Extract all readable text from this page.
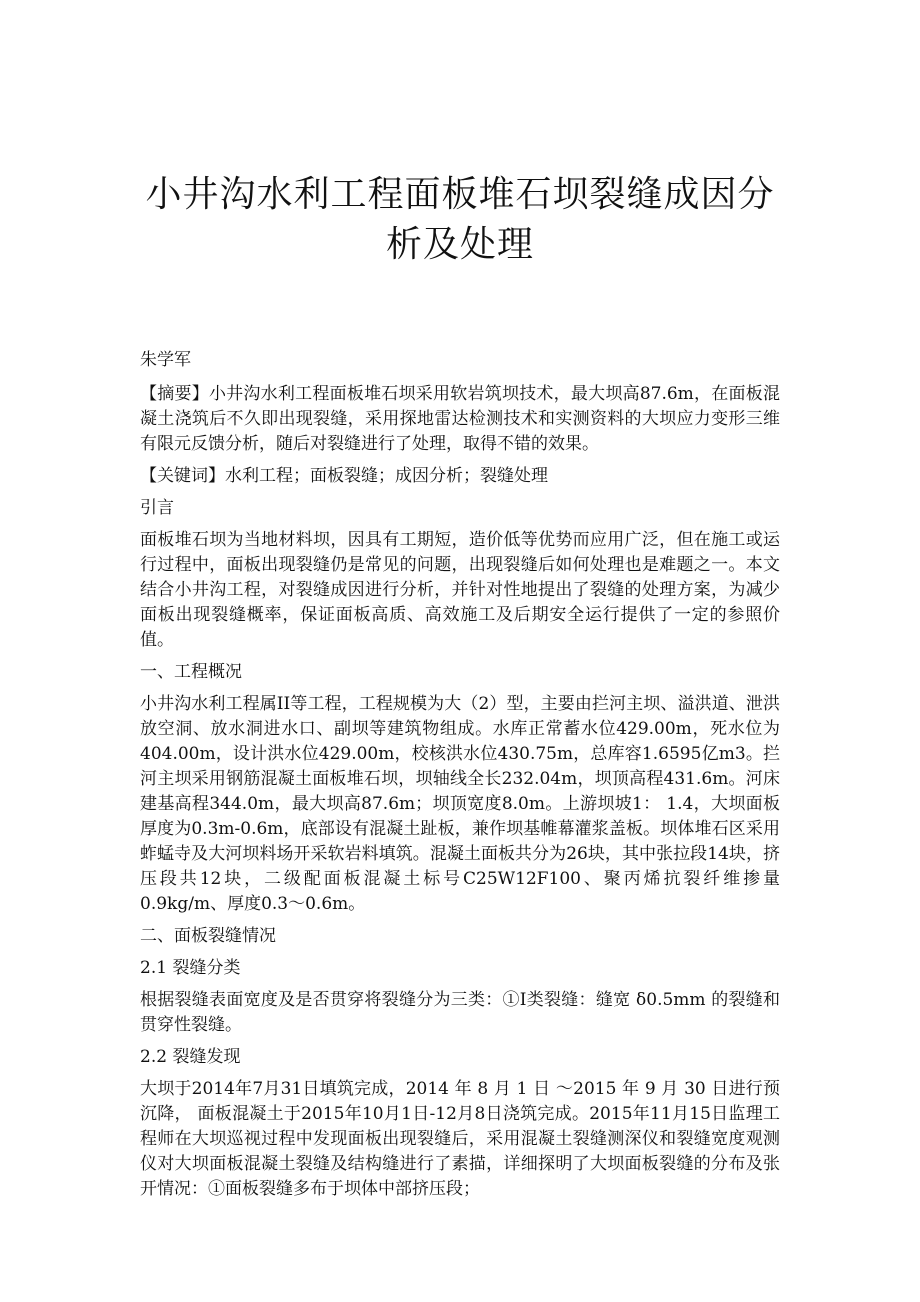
小井沟水利工程面板堆石坝裂缝成因分
析及处理

朱学军

【摘要】小井沟水利工程面板堆石坝采用软岩筑坝技术，最大坝高87.6m，在面板混凝土浇筑后不久即出现裂缝，采用探地雷达检测技术和实测资料的大坝应力变形三维有限元反馈分析，随后对裂缝进行了处理，取得不错的效果。

【关键词】水利工程；面板裂缝；成因分析；裂缝处理

引言

面板堆石坝为当地材料坝，因具有工期短，造价低等优势而应用广泛，但在施工或运行过程中，面板出现裂缝仍是常见的问题，出现裂缝后如何处理也是难题之一。本文结合小井沟工程，对裂缝成因进行分析，并针对性地提出了裂缝的处理方案，为减少面板出现裂缝概率，保证面板高质、高效施工及后期安全运行提供了一定的参照价值。

一、工程概况

小井沟水利工程属II等工程，工程规模为大（2）型，主要由拦河主坝、溢洪道、泄洪放空洞、放水洞进水口、副坝等建筑物组成。水库正常蓄水位429.00m，死水位为404.00m，设计洪水位429.00m，校核洪水位430.75m，总库容1.6595亿m3。拦河主坝采用钢筋混凝土面板堆石坝，坝轴线全长232.04m，坝顶高程431.6m。河床建基高程344.0m，最大坝高87.6m；坝顶宽度8.0m。上游坝坡1： 1.4，大坝面板厚度为0.3m-0.6m，底部设有混凝土趾板，兼作坝基帷幕灌浆盖板。坝体堆石区采用蚱蜢寺及大河坝料场开采软岩料填筑。混凝土面板共分为26块，其中张拉段14块，挤压段共12块，二级配面板混凝土标号C25W12F100、聚丙烯抗裂纤维掺量0.9kg/m、厚度0.3～0.6m。

二、面板裂缝情况

2.1 裂缝分类

根据裂缝表面宽度及是否贯穿将裂缝分为三类：①I类裂缝：缝宽 δ0.5mm 的裂缝和贯穿性裂缝。

2.2 裂缝发现

大坝于2014年7月31日填筑完成，2014 年 8 月 1 日 ～2015 年 9 月 30 日进行预沉降， 面板混凝土于2015年10月1日-12月8日浇筑完成。2015年11月15日监理工程师在大坝巡视过程中发现面板出现裂缝后，采用混凝土裂缝测深仪和裂缝宽度观测仪对大坝面板混凝土裂缝及结构缝进行了素描，详细探明了大坝面板裂缝的分布及张开情况：①面板裂缝多布于坝体中部挤压段；
